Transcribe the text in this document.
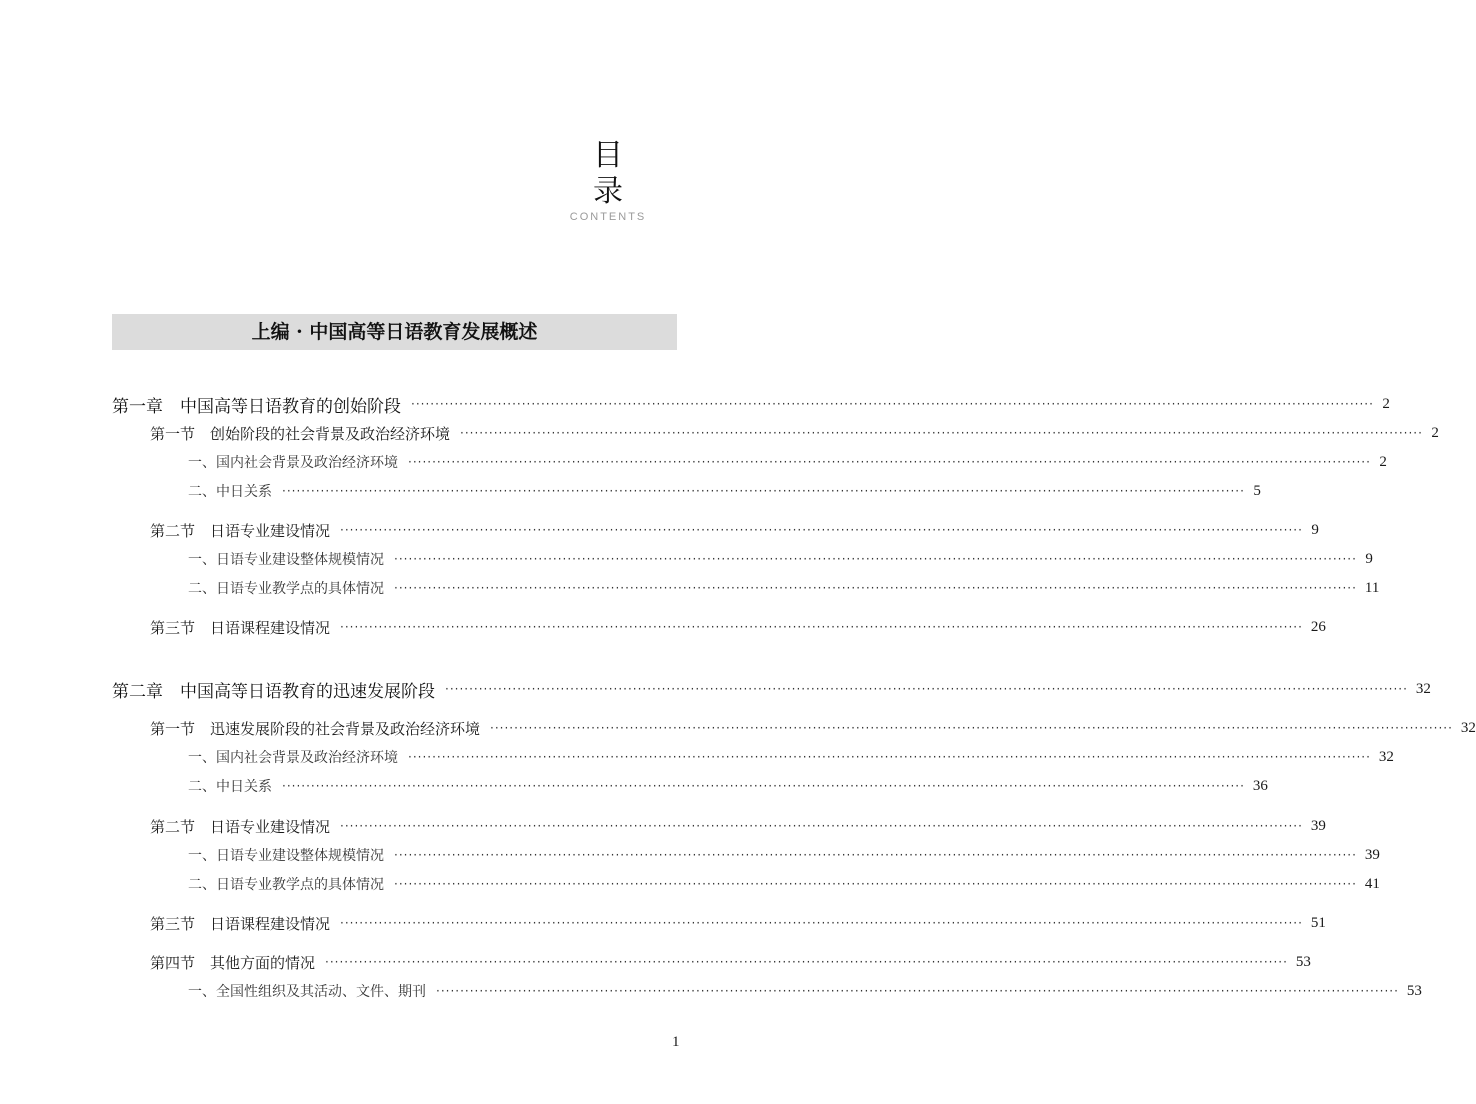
目 录
CONTENTS
上编 · 中国高等日语教育发展概述
第一章　中国高等日语教育的创始阶段 ········································································································································································································ 2
第一节　创始阶段的社会背景及政治经济环境 ········································································································································································································ 2
一、国内社会背景及政治经济环境 ········································································································································································································ 2
二、中日关系 ········································································································································································································ 5
第二节　日语专业建设情况 ········································································································································································································ 9
一、日语专业建设整体规模情况 ········································································································································································································ 9
二、日语专业教学点的具体情况 ········································································································································································································ 11
第三节　日语课程建设情况 ········································································································································································································ 26
第二章　中国高等日语教育的迅速发展阶段 ········································································································································································································ 32
第一节　迅速发展阶段的社会背景及政治经济环境 ········································································································································································································ 32
一、国内社会背景及政治经济环境 ········································································································································································································ 32
二、中日关系 ········································································································································································································ 36
第二节　日语专业建设情况 ········································································································································································································ 39
一、日语专业建设整体规模情况 ········································································································································································································ 39
二、日语专业教学点的具体情况 ········································································································································································································ 41
第三节　日语课程建设情况 ········································································································································································································ 51
第四节　其他方面的情况 ········································································································································································································ 53
一、全国性组织及其活动、文件、期刊 ········································································································································································································ 53
1
